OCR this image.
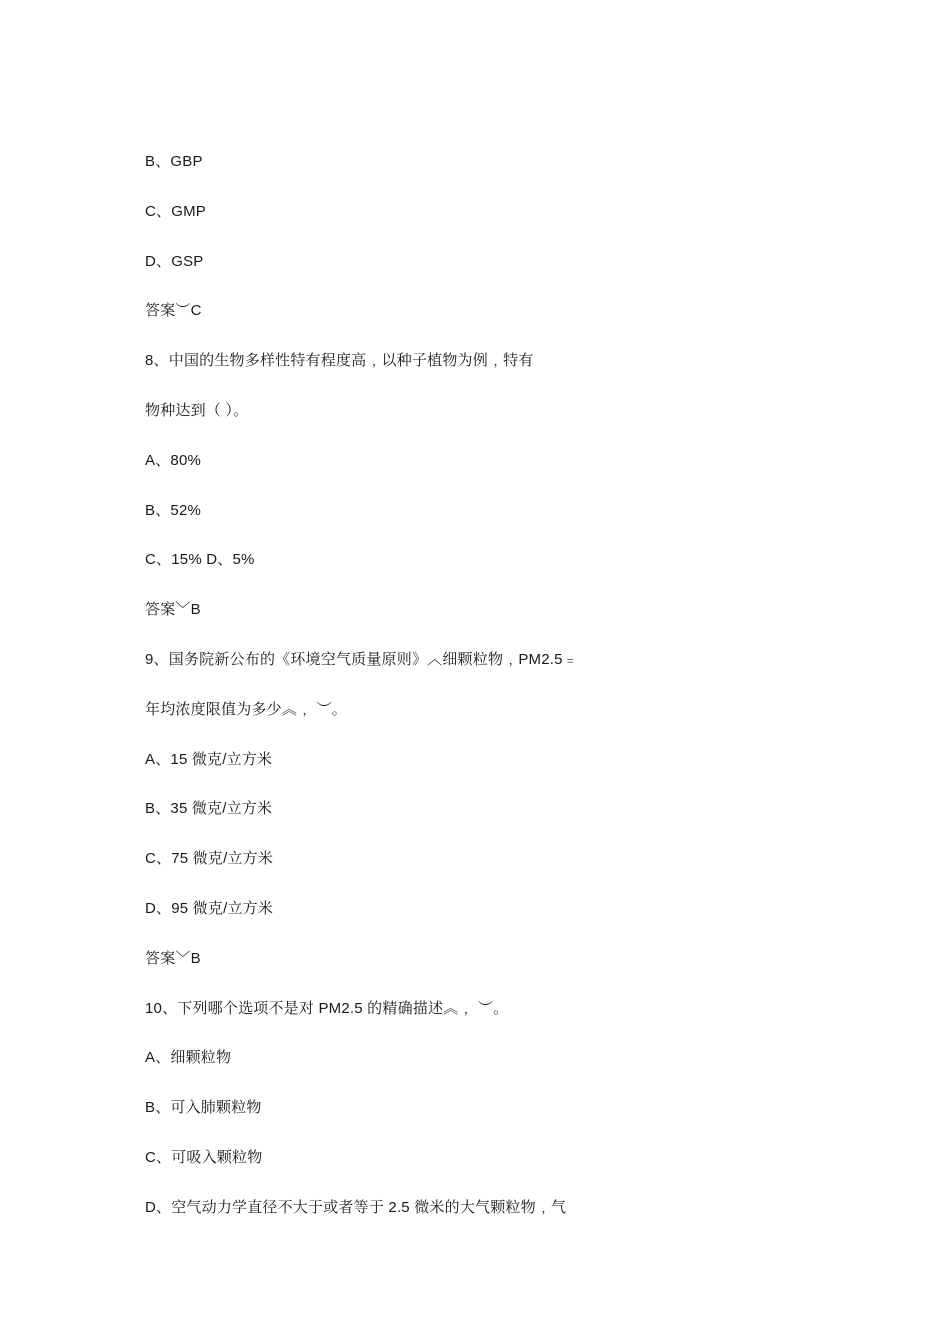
B、GBP
C、GMP
D、GSP
答案︶C
8、中国的生物多样性特有程度高﹐以种子植物为例﹐特有
物种达到（ ）。
A、80%
B、52%
C、15% D、5%
答案﹀B
9、国务院新公布的《环境空气质量原则》︿细颗粒物﹐PM2.5﹦
年均浓度限值为多少︽﹐ ︶。
A、15 微克/立方米
B、35 微克/立方米
C、75 微克/立方米
D、95 微克/立方米
答案﹀B
10、下列哪个选项不是对 PM2.5 的精确描述︽﹐ ︶。
A、细颗粒物
B、可入肺颗粒物
C、可吸入颗粒物
D、空气动力学直径不大于或者等于 2.5 微米的大气颗粒物﹐气
